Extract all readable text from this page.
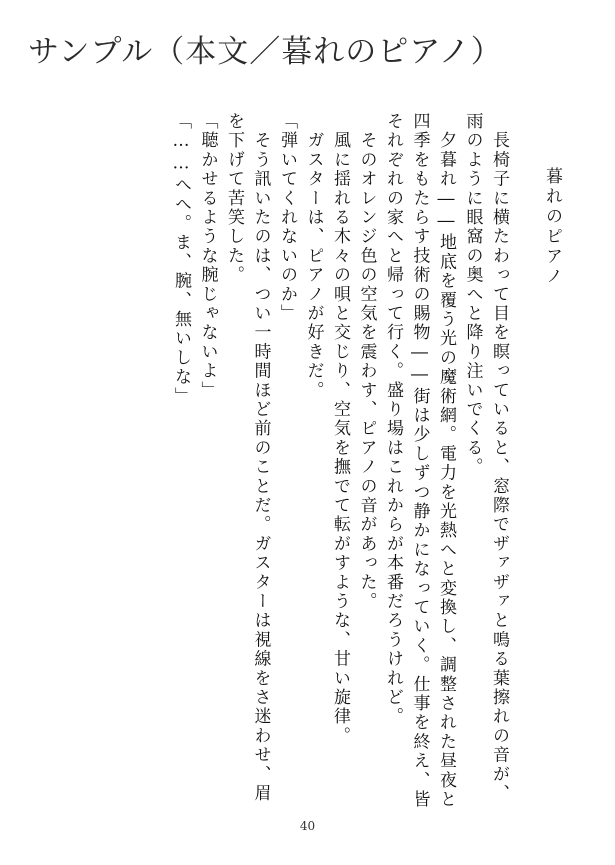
サンプル（本文／暮れのピアノ）
暮れのピアノ
　長椅子に横たわって目を瞑っていると、窓際でザァザァと鳴る葉擦れの音が、
雨のように眼窩の奥へと降り注いでくる。
　夕暮れ――地底を覆う光の魔術網。電力を光熱へと変換し、調整された昼夜と
四季をもたらす技術の賜物――街は少しずつ静かになっていく。仕事を終え、皆
それぞれの家へと帰って行く。盛り場はこれからが本番だろうけれど。
　そのオレンジ色の空気を震わす、ピアノの音があった。
　風に揺れる木々の唄と交じり、空気を撫でて転がすような、甘い旋律。
　ガスターは、ピアノが好きだ。
「弾いてくれないのか」
　そう訊いたのは、つい一時間ほど前のことだ。ガスターは視線をさ迷わせ、眉
を下げて苦笑した。
「聴かせるような腕じゃないよ」
「……へへ。ま、腕、無いしな」
40
